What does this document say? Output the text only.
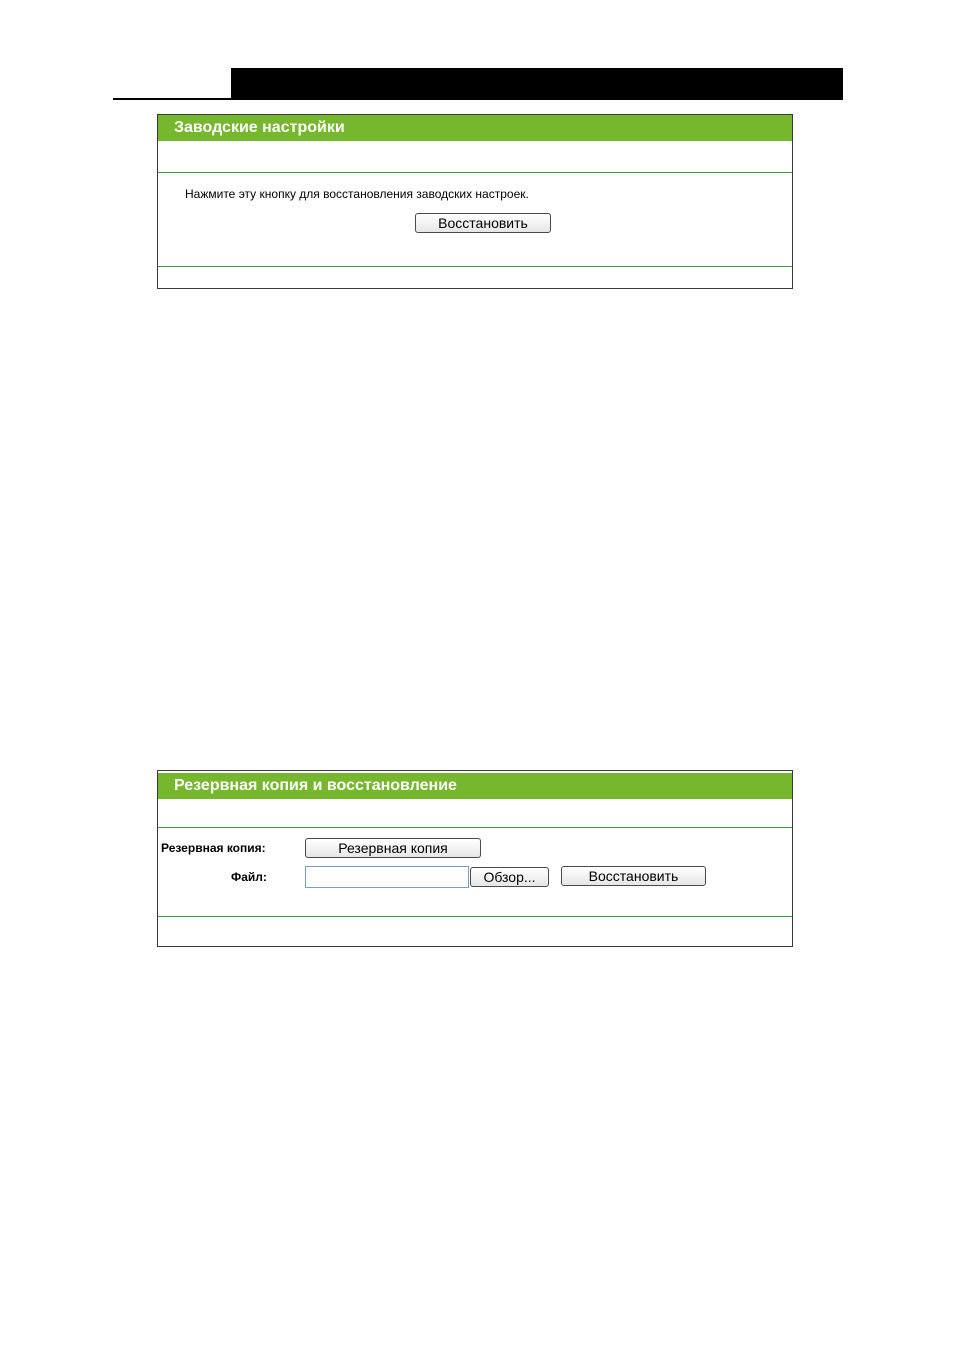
Заводские настройки
Нажмите эту кнопку для восстановления заводских настроек.
Восстановить
Резервная копия и восстановление
Резервная копия:	Резервная копия
Файл:	Обзор...	Восстановить
